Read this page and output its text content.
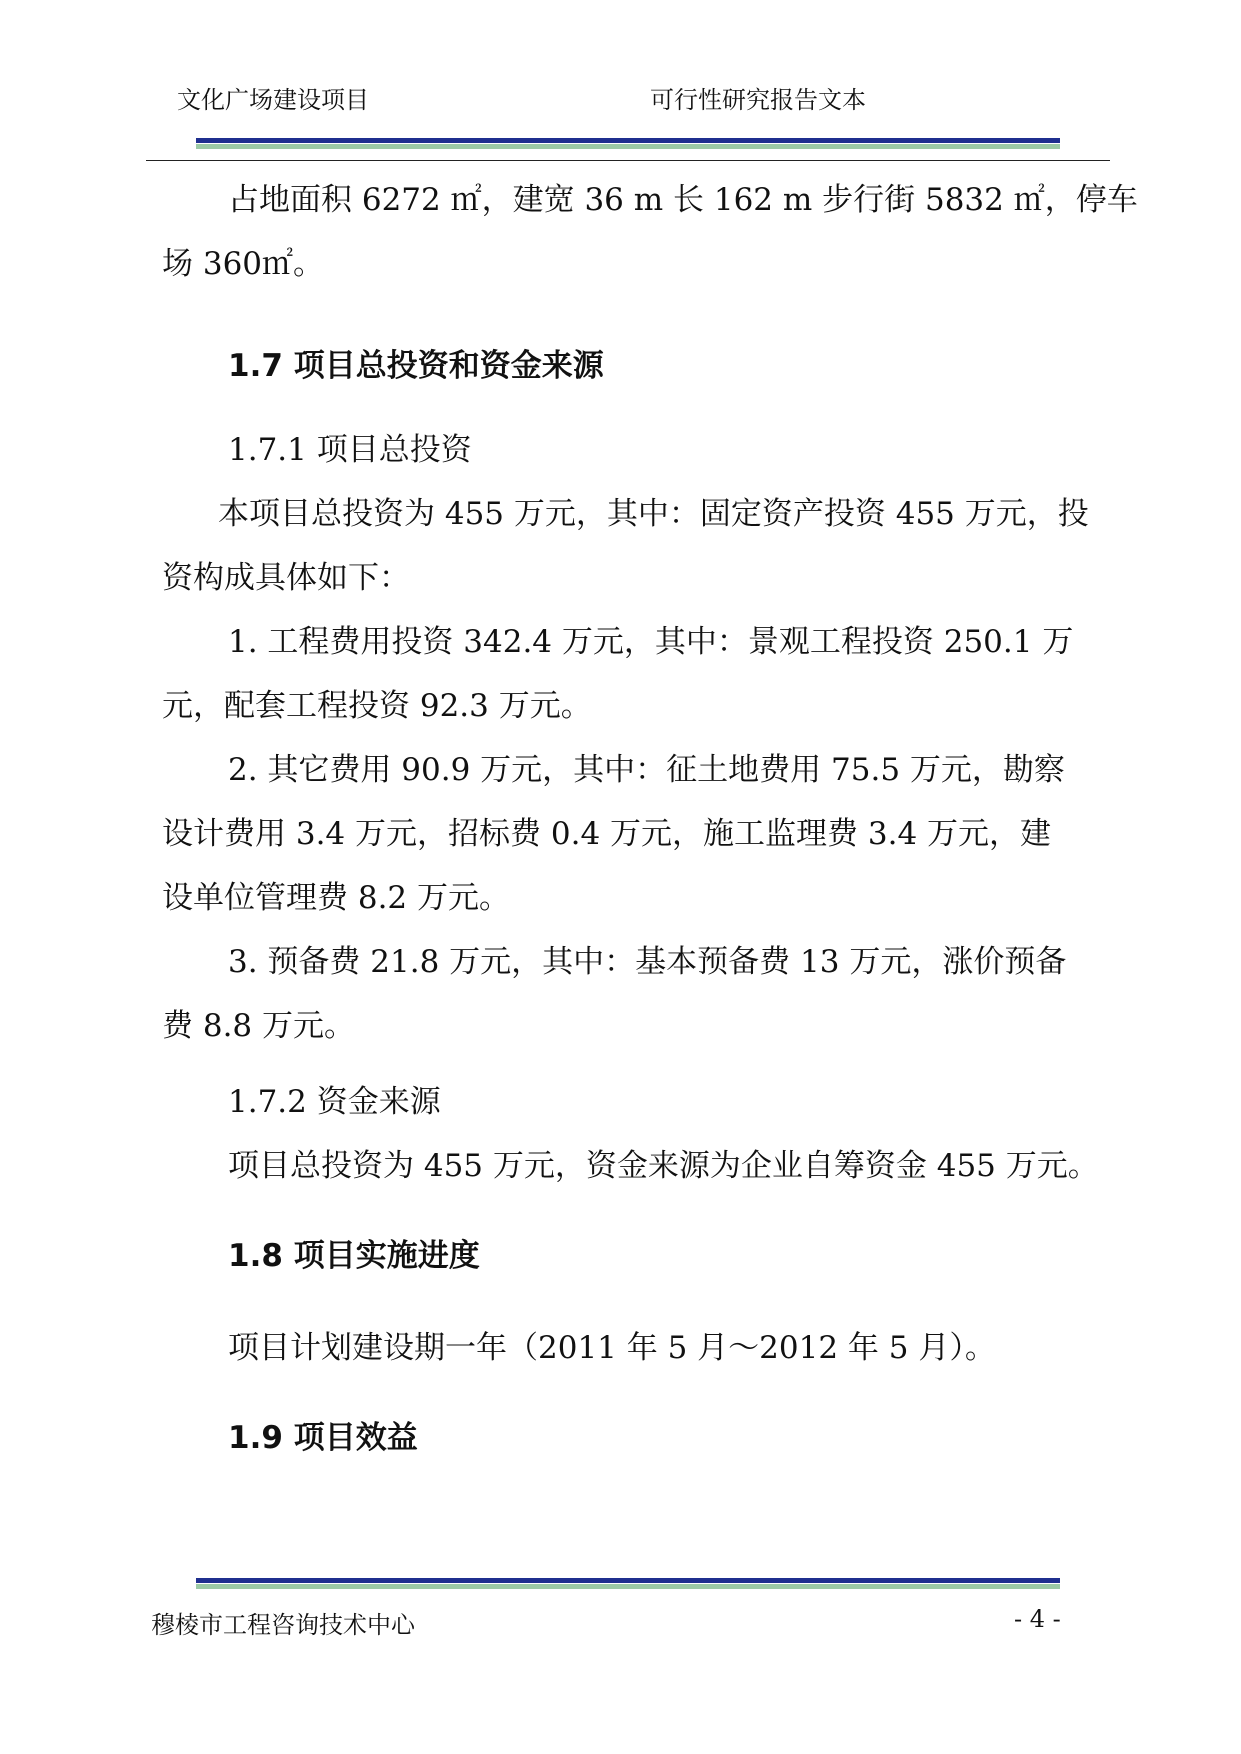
文化广场建设项目	可行性研究报告文本
占地面积 6272 ㎡，建宽 36 m 长 162 m 步行街 5832 ㎡，停车
场 360㎡。
1.7 项目总投资和资金来源
1.7.1 项目总投资
本项目总投资为 455 万元，其中：固定资产投资 455 万元，投
资构成具体如下：
1. 工程费用投资 342.4 万元，其中：景观工程投资 250.1 万
元，配套工程投资 92.3 万元。
2. 其它费用 90.9 万元，其中：征土地费用 75.5 万元，勘察
设计费用 3.4 万元，招标费 0.4 万元，施工监理费 3.4 万元，建
设单位管理费 8.2 万元。
3. 预备费 21.8 万元，其中：基本预备费 13 万元，涨价预备
费 8.8 万元。
1.7.2 资金来源
项目总投资为 455 万元，资金来源为企业自筹资金 455 万元。
1.8 项目实施进度
项目计划建设期一年（2011 年 5 月～2012 年 5 月）。
1.9 项目效益
穆棱市工程咨询技术中心	- 4 -
